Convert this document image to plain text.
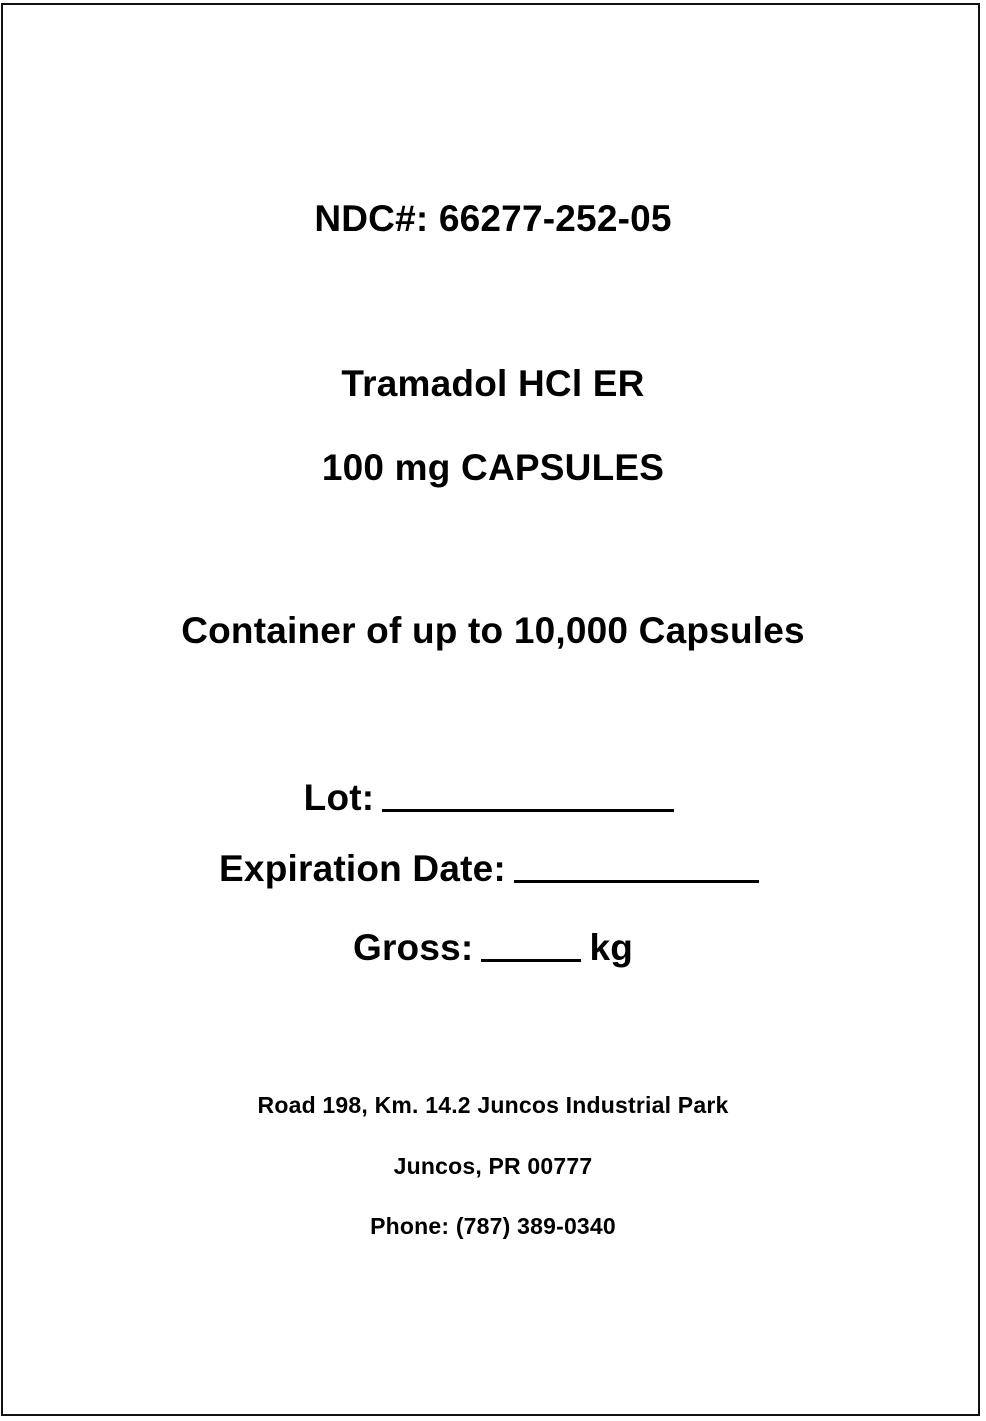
NDC#: 66277-252-05
Tramadol HCl ER
100 mg CAPSULES
Container of up to 10,000 Capsules
Lot:
Expiration Date:
Gross:	kg
Road 198, Km. 14.2 Juncos Industrial Park
Juncos, PR 00777
Phone: (787) 389-0340
